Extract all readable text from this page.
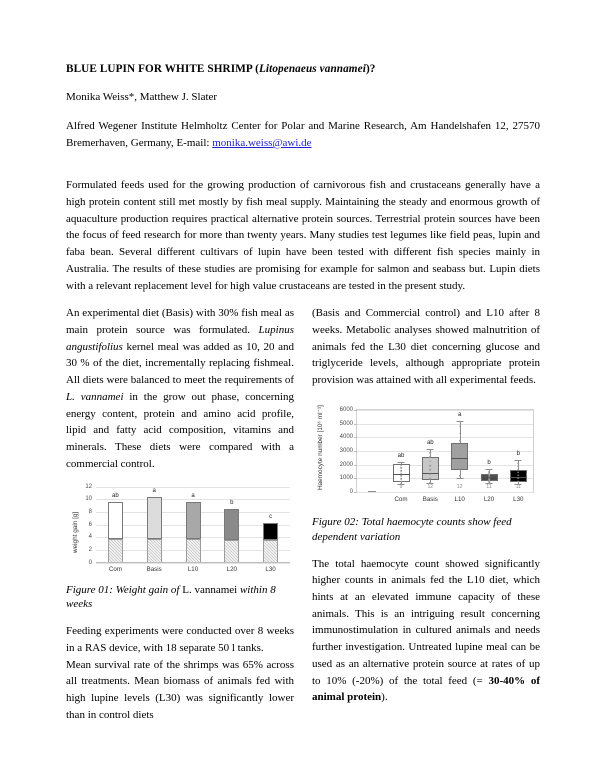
BLUE LUPIN FOR WHITE SHRIMP (Litopenaeus vannamei)?
Monika Weiss*, Matthew J. Slater
Alfred Wegener Institute Helmholtz Center for Polar and Marine Research, Am Handelshafen 12, 27570 Bremerhaven, Germany, E-mail: monika.weiss@awi.de

Formulated feeds used for the growing production of carnivorous fish and crustaceans generally have a high protein content still met mostly by fish meal supply. Maintaining the steady and enormous growth of aquaculture production requires practical alternative protein sources. Terrestrial protein sources have been the focus of feed research for more than twenty years. Many studies test legumes like field peas, lupin and faba bean. Several different cultivars of lupin have been tested with different fish species mainly in Australia. The results of these studies are promising for example for salmon and seabass but. Lupin diets with a relevant replacement level for high value crustaceans are tested in the present study.

An experimental diet (Basis) with 30% fish meal as main protein source was formulated. Lupinus angustifolius kernel meal was added as 10, 20 and 30 % of the diet, incrementally replacing fishmeal. All diets were balanced to meet the requirements of L. vannamei in the grow out phase, concerning energy content, protein and amino acid profile, lipid and fatty acid composition, vitamins and minerals. These diets were compared with a commercial control.

weight gain [g]
0
2
4
6
8
10
12
ab
Com
a
Basis
a
L10
b
L20
c
L30
Figure 01: Weight gain of L. vannamei within 8 weeks

Feeding experiments were conducted over 8 weeks in a RAS device, with 18 separate 50 l tanks.

Mean survival rate of the shrimps was 65% across all treatments. Mean biomass of animals fed with high lupine levels (L30) was significantly lower than in control diets

(Basis and Commercial control) and L10 after 8 weeks. Metabolic analyses showed malnutrition of animals fed the L30 diet concerning glucose and triglyceride levels, although appropriate protein provision was attained with all experimental feeds.

Haemocyte number [10⁶ ml⁻¹]
0
1000
2000
3000
4000
5000
6000
ab
9
Com
ab
12
Basis
a
12
L10
b
11
L20
b
11
L30
Figure 02: Total haemocyte counts show feed dependent variation

The total haemocyte count showed significantly higher counts in animals fed the L10 diet, which hints at an elevated immune capacity of these animals. This is an intriguing result concerning immunostimulation in cultured animals and needs further investigation. Untreated lupine meal can be used as an alternative protein source at rates of up to 10% (-20%) of the total feed (= 30-40% of animal protein).
